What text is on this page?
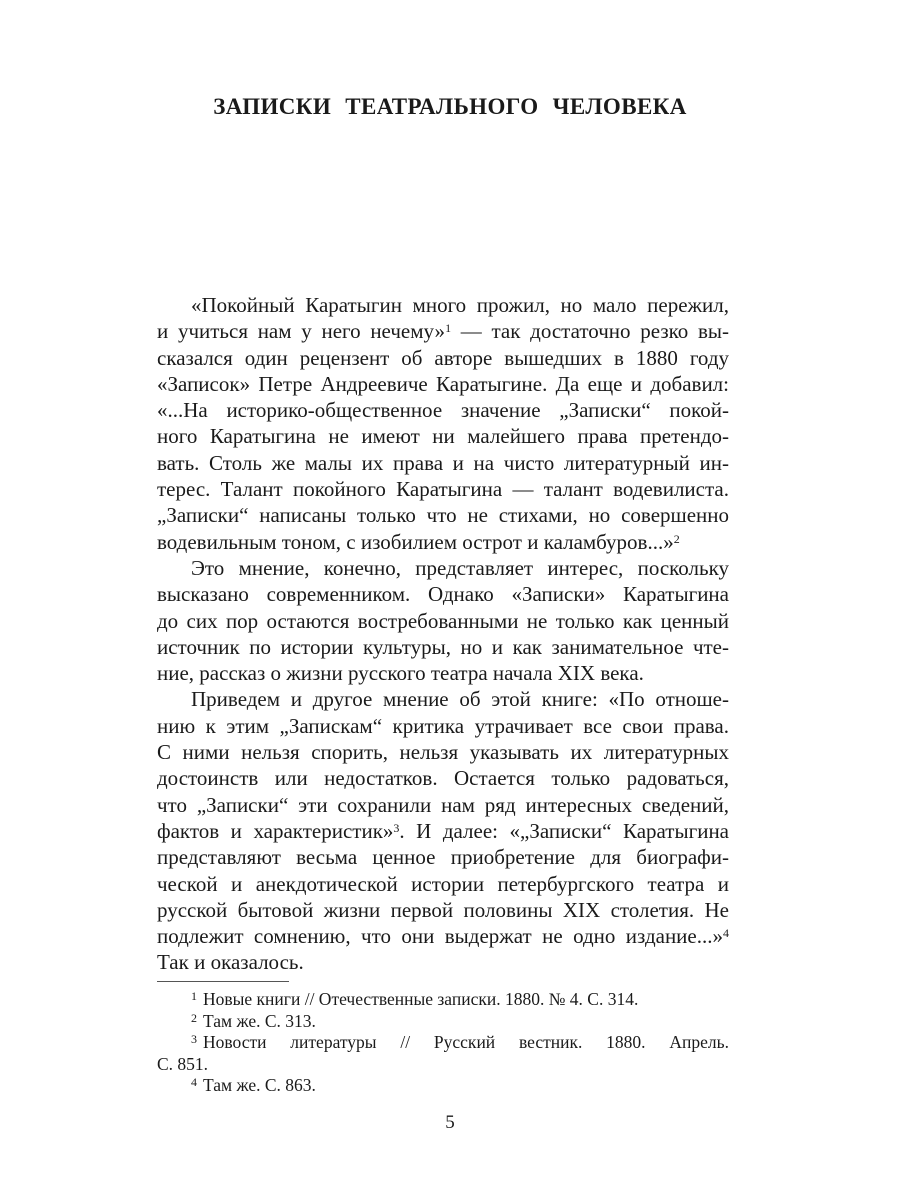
ЗАПИСКИ ТЕАТРАЛЬНОГО ЧЕЛОВЕКА

«Покойный Каратыгин много прожил, но мало пережил,
и учиться нам у него нечему»$^1$ — так достаточно резко вы-
сказался один рецензент об авторе вышедших в 1880 году
«Записок» Петре Андреевиче Каратыгине. Да еще и добавил:
«...На историко-общественное значение „Записки“ покой-
ного Каратыгина не имеют ни малейшего права претендо-
вать. Столь же малы их права и на чисто литературный ин-
терес. Талант покойного Каратыгина — талант водевилиста.
„Записки“ написаны только что не стихами, но совершенно
водевильным тоном, с изобилием острот и каламбуров...»$^2$

Это мнение, конечно, представляет интерес, поскольку
высказано современником. Однако «Записки» Каратыгина
до сих пор остаются востребованными не только как ценный
источник по истории культуры, но и как занимательное чте-
ние, рассказ о жизни русского театра начала XIX века.

Приведем и другое мнение об этой книге: «По отноше-
нию к этим „Запискам“ критика утрачивает все свои права.
С ними нельзя спорить, нельзя указывать их литературных
достоинств или недостатков. Остается только радоваться,
что „Записки“ эти сохранили нам ряд интересных сведений,
фактов и характеристик»$^3$. И далее: «„Записки“ Каратыгина
представляют весьма ценное приобретение для биографи-
ческой и анекдотической истории петербургского театра и
русской бытовой жизни первой половины XIX столетия. Не
подлежит сомнению, что они выдержат не одно издание...»$^4$
Так и оказалось.

$^1$ Новые книги // Отечественные записки. 1880. № 4. С. 314.
$^2$ Там же. С. 313.
$^3$ Новости литературы // Русский вестник. 1880. Апрель.
С. 851.
$^4$ Там же. С. 863.
5
